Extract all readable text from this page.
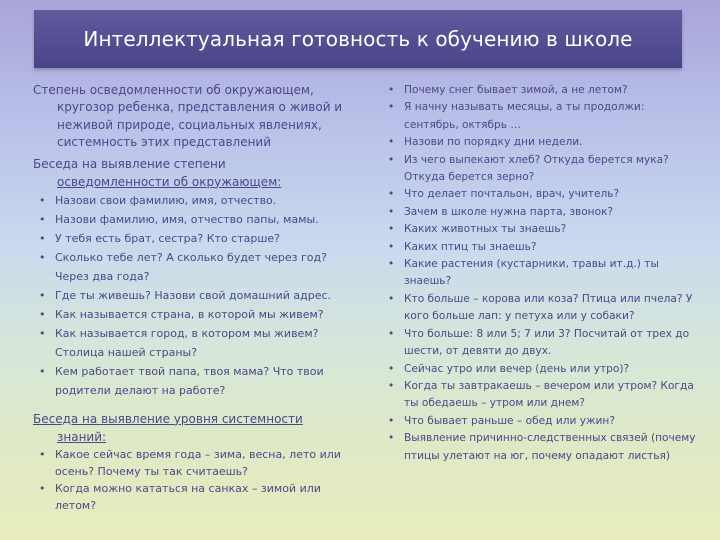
Интеллектуальная готовность к обучению в школе

Степень осведомленности об окружающем, кругозор ребенка, представления о живой и неживой природе, социальных явлениях, системность этих представлений

Беседа на выявление степени
осведомленности об окружающем:
• Назови свои фамилию, имя, отчество.
• Назови фамилию, имя, отчество папы, мамы.
• У тебя есть брат, сестра? Кто старше?
• Сколько тебе лет? А сколько будет через год? Через два года?
• Где ты живешь? Назови свой домашний адрес.
• Как называется страна, в которой мы живем?
• Как называется город, в котором мы живем? Столица нашей страны?
• Кем работает твой папа, твоя мама? Что твои родители делают на работе?
Беседа на выявление уровня системности
знаний:
• Какое сейчас время года – зима, весна, лето или осень? Почему ты так считаешь?
• Когда можно кататься на санках – зимой или летом?
• Почему снег бывает зимой, а не летом?
• Я начну называть месяцы, а ты продолжи: сентябрь, октябрь …
• Назови по порядку дни недели.
• Из чего выпекают хлеб? Откуда берется мука? Откуда берется зерно?
• Что делает почтальон, врач, учитель?
• Зачем в школе нужна парта, звонок?
• Каких животных ты знаешь?
• Каких птиц ты знаешь?
• Какие растения (кустарники, травы ит.д.) ты знаешь?
• Кто больше – корова или коза? Птица или пчела? У кого больше лап: у петуха или у собаки?
• Что больше: 8 или 5; 7 или 3? Посчитай от трех до шести, от девяти до двух.
• Сейчас утро или вечер (день или утро)?
• Когда ты завтракаешь – вечером или утром? Когда ты обедаешь – утром или днем?
• Что бывает раньше – обед или ужин?
• Выявление причинно-следственных связей (почему птицы улетают на юг, почему опадают листья)
